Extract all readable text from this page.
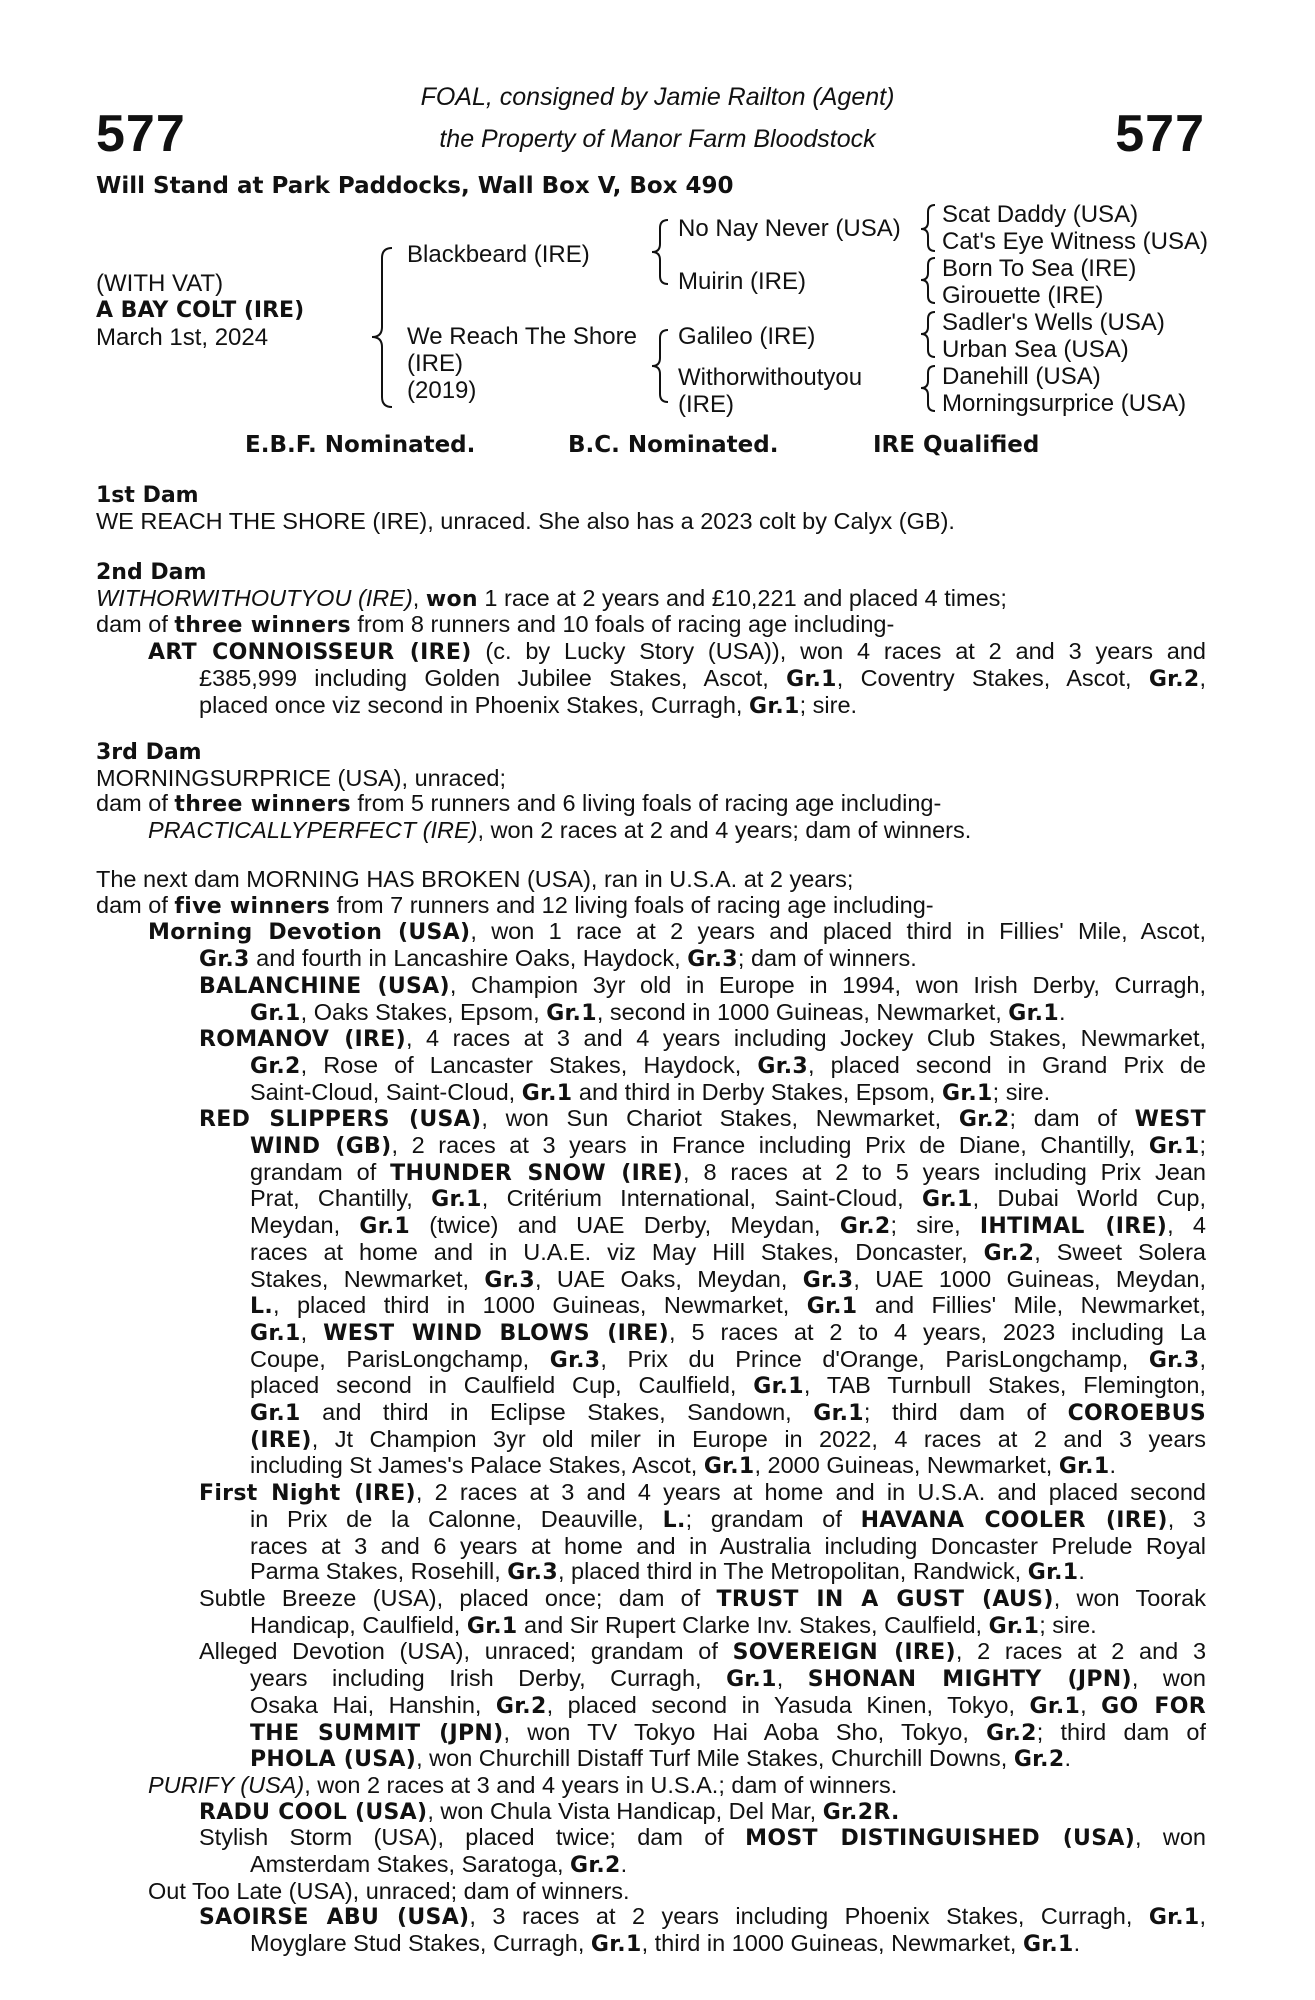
577	577
FOAL, consigned by Jamie Railton (Agent)
the Property of Manor Farm Bloodstock
Will Stand at Park Paddocks, Wall Box V, Box 490
(WITH VAT)
A BAY COLT (IRE)
March 1st, 2024
Blackbeard (IRE)
We Reach The Shore
(IRE)
(2019)
No Nay Never (USA)
Muirin (IRE)
Galileo (IRE)
Withorwithoutyou
(IRE)
Scat Daddy (USA)
Cat's Eye Witness (USA)
Born To Sea (IRE)
Girouette (IRE)
Sadler's Wells (USA)
Urban Sea (USA)
Danehill (USA)
Morningsurprice (USA)
E.B.F. Nominated.	B.C. Nominated.	IRE Qualified
1st Dam
WE REACH THE SHORE (IRE), unraced. She also has a 2023 colt by Calyx (GB).
2nd Dam
WITHORWITHOUTYOU (IRE), won 1 race at 2 years and £10,221 and placed 4 times;
dam of three winners from 8 runners and 10 foals of racing age including-
ART CONNOISSEUR (IRE) (c. by Lucky Story (USA)), won 4 races at 2 and 3 years and
£385,999 including Golden Jubilee Stakes, Ascot, Gr.1, Coventry Stakes, Ascot, Gr.2,
placed once viz second in Phoenix Stakes, Curragh, Gr.1; sire.
3rd Dam
MORNINGSURPRICE (USA), unraced;
dam of three winners from 5 runners and 6 living foals of racing age including-
PRACTICALLYPERFECT (IRE), won 2 races at 2 and 4 years; dam of winners.
The next dam MORNING HAS BROKEN (USA), ran in U.S.A. at 2 years;
dam of five winners from 7 runners and 12 living foals of racing age including-
Morning Devotion (USA), won 1 race at 2 years and placed third in Fillies' Mile, Ascot,
Gr.3 and fourth in Lancashire Oaks, Haydock, Gr.3; dam of winners.
BALANCHINE (USA), Champion 3yr old in Europe in 1994, won Irish Derby, Curragh,
Gr.1, Oaks Stakes, Epsom, Gr.1, second in 1000 Guineas, Newmarket, Gr.1.
ROMANOV (IRE), 4 races at 3 and 4 years including Jockey Club Stakes, Newmarket,
Gr.2, Rose of Lancaster Stakes, Haydock, Gr.3, placed second in Grand Prix de
Saint-Cloud, Saint-Cloud, Gr.1 and third in Derby Stakes, Epsom, Gr.1; sire.
RED SLIPPERS (USA), won Sun Chariot Stakes, Newmarket, Gr.2; dam of WEST
WIND (GB), 2 races at 3 years in France including Prix de Diane, Chantilly, Gr.1;
grandam of THUNDER SNOW (IRE), 8 races at 2 to 5 years including Prix Jean
Prat, Chantilly, Gr.1, Critérium International, Saint-Cloud, Gr.1, Dubai World Cup,
Meydan, Gr.1 (twice) and UAE Derby, Meydan, Gr.2; sire, IHTIMAL (IRE), 4
races at home and in U.A.E. viz May Hill Stakes, Doncaster, Gr.2, Sweet Solera
Stakes, Newmarket, Gr.3, UAE Oaks, Meydan, Gr.3, UAE 1000 Guineas, Meydan,
L., placed third in 1000 Guineas, Newmarket, Gr.1 and Fillies' Mile, Newmarket,
Gr.1, WEST WIND BLOWS (IRE), 5 races at 2 to 4 years, 2023 including La
Coupe, ParisLongchamp, Gr.3, Prix du Prince d'Orange, ParisLongchamp, Gr.3,
placed second in Caulfield Cup, Caulfield, Gr.1, TAB Turnbull Stakes, Flemington,
Gr.1 and third in Eclipse Stakes, Sandown, Gr.1; third dam of COROEBUS
(IRE), Jt Champion 3yr old miler in Europe in 2022, 4 races at 2 and 3 years
including St James's Palace Stakes, Ascot, Gr.1, 2000 Guineas, Newmarket, Gr.1.
First Night (IRE), 2 races at 3 and 4 years at home and in U.S.A. and placed second
in Prix de la Calonne, Deauville, L.; grandam of HAVANA COOLER (IRE), 3
races at 3 and 6 years at home and in Australia including Doncaster Prelude Royal
Parma Stakes, Rosehill, Gr.3, placed third in The Metropolitan, Randwick, Gr.1.
Subtle Breeze (USA), placed once; dam of TRUST IN A GUST (AUS), won Toorak
Handicap, Caulfield, Gr.1 and Sir Rupert Clarke Inv. Stakes, Caulfield, Gr.1; sire.
Alleged Devotion (USA), unraced; grandam of SOVEREIGN (IRE), 2 races at 2 and 3
years including Irish Derby, Curragh, Gr.1, SHONAN MIGHTY (JPN), won
Osaka Hai, Hanshin, Gr.2, placed second in Yasuda Kinen, Tokyo, Gr.1, GO FOR
THE SUMMIT (JPN), won TV Tokyo Hai Aoba Sho, Tokyo, Gr.2; third dam of
PHOLA (USA), won Churchill Distaff Turf Mile Stakes, Churchill Downs, Gr.2.
PURIFY (USA), won 2 races at 3 and 4 years in U.S.A.; dam of winners.
RADU COOL (USA), won Chula Vista Handicap, Del Mar, Gr.2R.
Stylish Storm (USA), placed twice; dam of MOST DISTINGUISHED (USA), won
Amsterdam Stakes, Saratoga, Gr.2.
Out Too Late (USA), unraced; dam of winners.
SAOIRSE ABU (USA), 3 races at 2 years including Phoenix Stakes, Curragh, Gr.1,
Moyglare Stud Stakes, Curragh, Gr.1, third in 1000 Guineas, Newmarket, Gr.1.
